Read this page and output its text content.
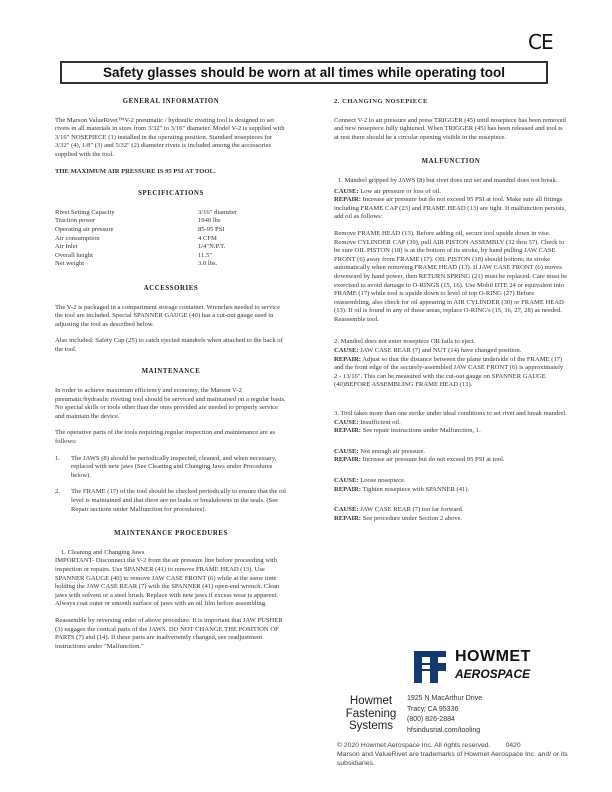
CE
Safety glasses should be worn at all times while operating tool
GENERAL INFORMATION

The Marson ValueRivet™V-2 pneumatic / hydraulic riveting tool is designed to set rivets in all materials in sizes from 3/32" to 3/16" diameter. Model V-2 is supplied with 3/16" NOSEPIECE (1) installed in the operating position. Standard nosepieces for 3/32" (4), 1/8" (3) and 5/32" (2) diameter rivets is included among the accessories supplied with the tool.

THE MAXIMUM AIR PRESSURE IS 95 PSI AT TOOL.

SPECIFICATIONS
Rivet Setting Capacity	3/16" diameter
Traction power	1940 lbs
Operating air pressure	85-95 PSI
Air consumption	4 CFM
Air Inlet	1/4"N.P.T.
Overall height	11.5"
Net weight	3.0 lbs.
ACCESSORIES

The V-2 is packaged in a compartment storage container. Wrenches needed to service the tool are included. Special SPANNER GAUGE (40) has a cut-out gauge used in adjusting the tool as described below.

Also included: Safety Cap (25) to catch ejected mandrels when attached to the back of the tool.

MAINTENANCE

In order to achieve maximum efficiency and economy, the Marson V-2 pneumatic/hydraulic riveting tool should be serviced and maintained on a regular basis. No special skills or tools other than the ones provided are needed to properly service and maintain the device.

The operative parts of the tools requiring regular inspection and maintenance are as follows:

1.	The JAWS (8) should be periodically inspected, cleaned, and when necessary, replaced with new jaws (See Cleaning and Changing Jaws under Procedures below).
2.	The FRAME (17) of the tool should be checked periodically to ensure that the oil level is maintained and that there are no leaks or breakdowns in the seals. (See Repair sections under Malfunction for procedures).
MAINTENANCE PROCEDURES
1. Cleaning and Changing Jaws

IMPORTANT- Disconnect the V-2 from the air pressure line before proceeding with inspection or repairs. Use SPANNER (41) to remove FRAME HEAD (13). Use SPANNER GAUGE (40) to remove JAW CASE FRONT (6) while at the same time holding the JAW CASE REAR (7) with the SPANNER (41) open-end wrench. Clean jaws with solvent or a steel brush. Replace with new jaws if excess wear is apparent. Always coat outer or smooth surface of jaws with an oil film before assembling.

Reassemble by reversing order of above procedure. It is important that JAW PUSHER (3) engages the conical parts of the JAWS. DO NOT CHANGE THE POSITION OF PARTS (7) and (14). If these parts are inadvertently changed, see readjustment instructions under "Malfunction."

2. CHANGING NOSEPIECE

Connect V-2 to air pressure and press TRIGGER (45) until nosepiece has been removed and new nosepiece fully tightened. When TRIGGER (45) has been released and tool is at rest there should be a circular opening visible in the nosepiece.

MALFUNCTION

1. Mandrel gripped by JAWS (8) but rivet does not set and mandrel does not break.

CAUSE: Low air pressure or loss of oil.

REPAIR: Increase air pressure but do not exceed 95 PSI at tool. Make sure all fittings including FRAME CAP (23) and FRAME HEAD (13) are tight. If malfunction persists, add oil as follows:

Remove FRAME HEAD (13). Before adding oil, secure tool upside down in vise. Remove CYLINDER CAP (39), pull AIR PISTON ASSEMBLY (32 thru 37). Check to be sure OIL PISTON (18) is at the bottom of its stroke, by hand pulling JAW CASE FRONT (6) away from FRAME (17). OIL PISTON (18) should bottom; its stroke automatically when removing FRAME HEAD (13). If JAW CASE FRONT (6) moves downward by hand power, then RETURN SPRING (21) must be replaced. Care must be exercised to avoid damage to O-RINGS (15, 16). Use Mobil DTE 24 or equivalent into FRAME (17) while tool is upside down to level of top O-RING (27) Before reassembling, also check for oil appearing in AIR CYLINDER (30) or FRAME HEAD (13). If oil is found in any of these areas, replace O-RING's (15, 16, 27, 28) as needed. Reassemble tool.

2. Mandrel does not enter nosepiece OR fails to eject.
CAUSE: JAW CASE REAR (7) and NUT (14) have changed position.

REPAIR: Adjust so that the distance between the plane underside of the FRAME (17) and the front edge of the securely-assembled JAW CASE FRONT (6) is approximately 2 - 13/16". This can be measured with the cut-out gauge on SPANNER GAUGE (40)BEFORE ASSEMBLING FRAME HEAD (13).

3. Tool takes more than one stroke under ideal conditions to set rivet and break mandrel.
CAUSE: Insufficient oil.

REPAIR: See repair instructions under Malfunction, 1.

CAUSE: Not enough air pressure.

REPAIR: Increase air pressure but do not exceed 95 PSI at tool.

CAUSE: Loose nosepiece.

REPAIR: Tighten nosepiece with SPANNER (41).

CAUSE: JAW CASE REAR (7) too far forward.
REPAIR: See procedure under Section 2 above.
HOWMET
AEROSPACE
Howmet
Fastening
Systems
1925 N MacArthur Drive
Tracy, CA 95336
(800) 826-2884
hfsindusrial.com/tooling
© 2020 Howmet Aerospace Inc. All rights reserved.        0420
Marson and ValueRivet are trademarks of Howmet Aerospace Inc. and/ or its subsidiaries.
